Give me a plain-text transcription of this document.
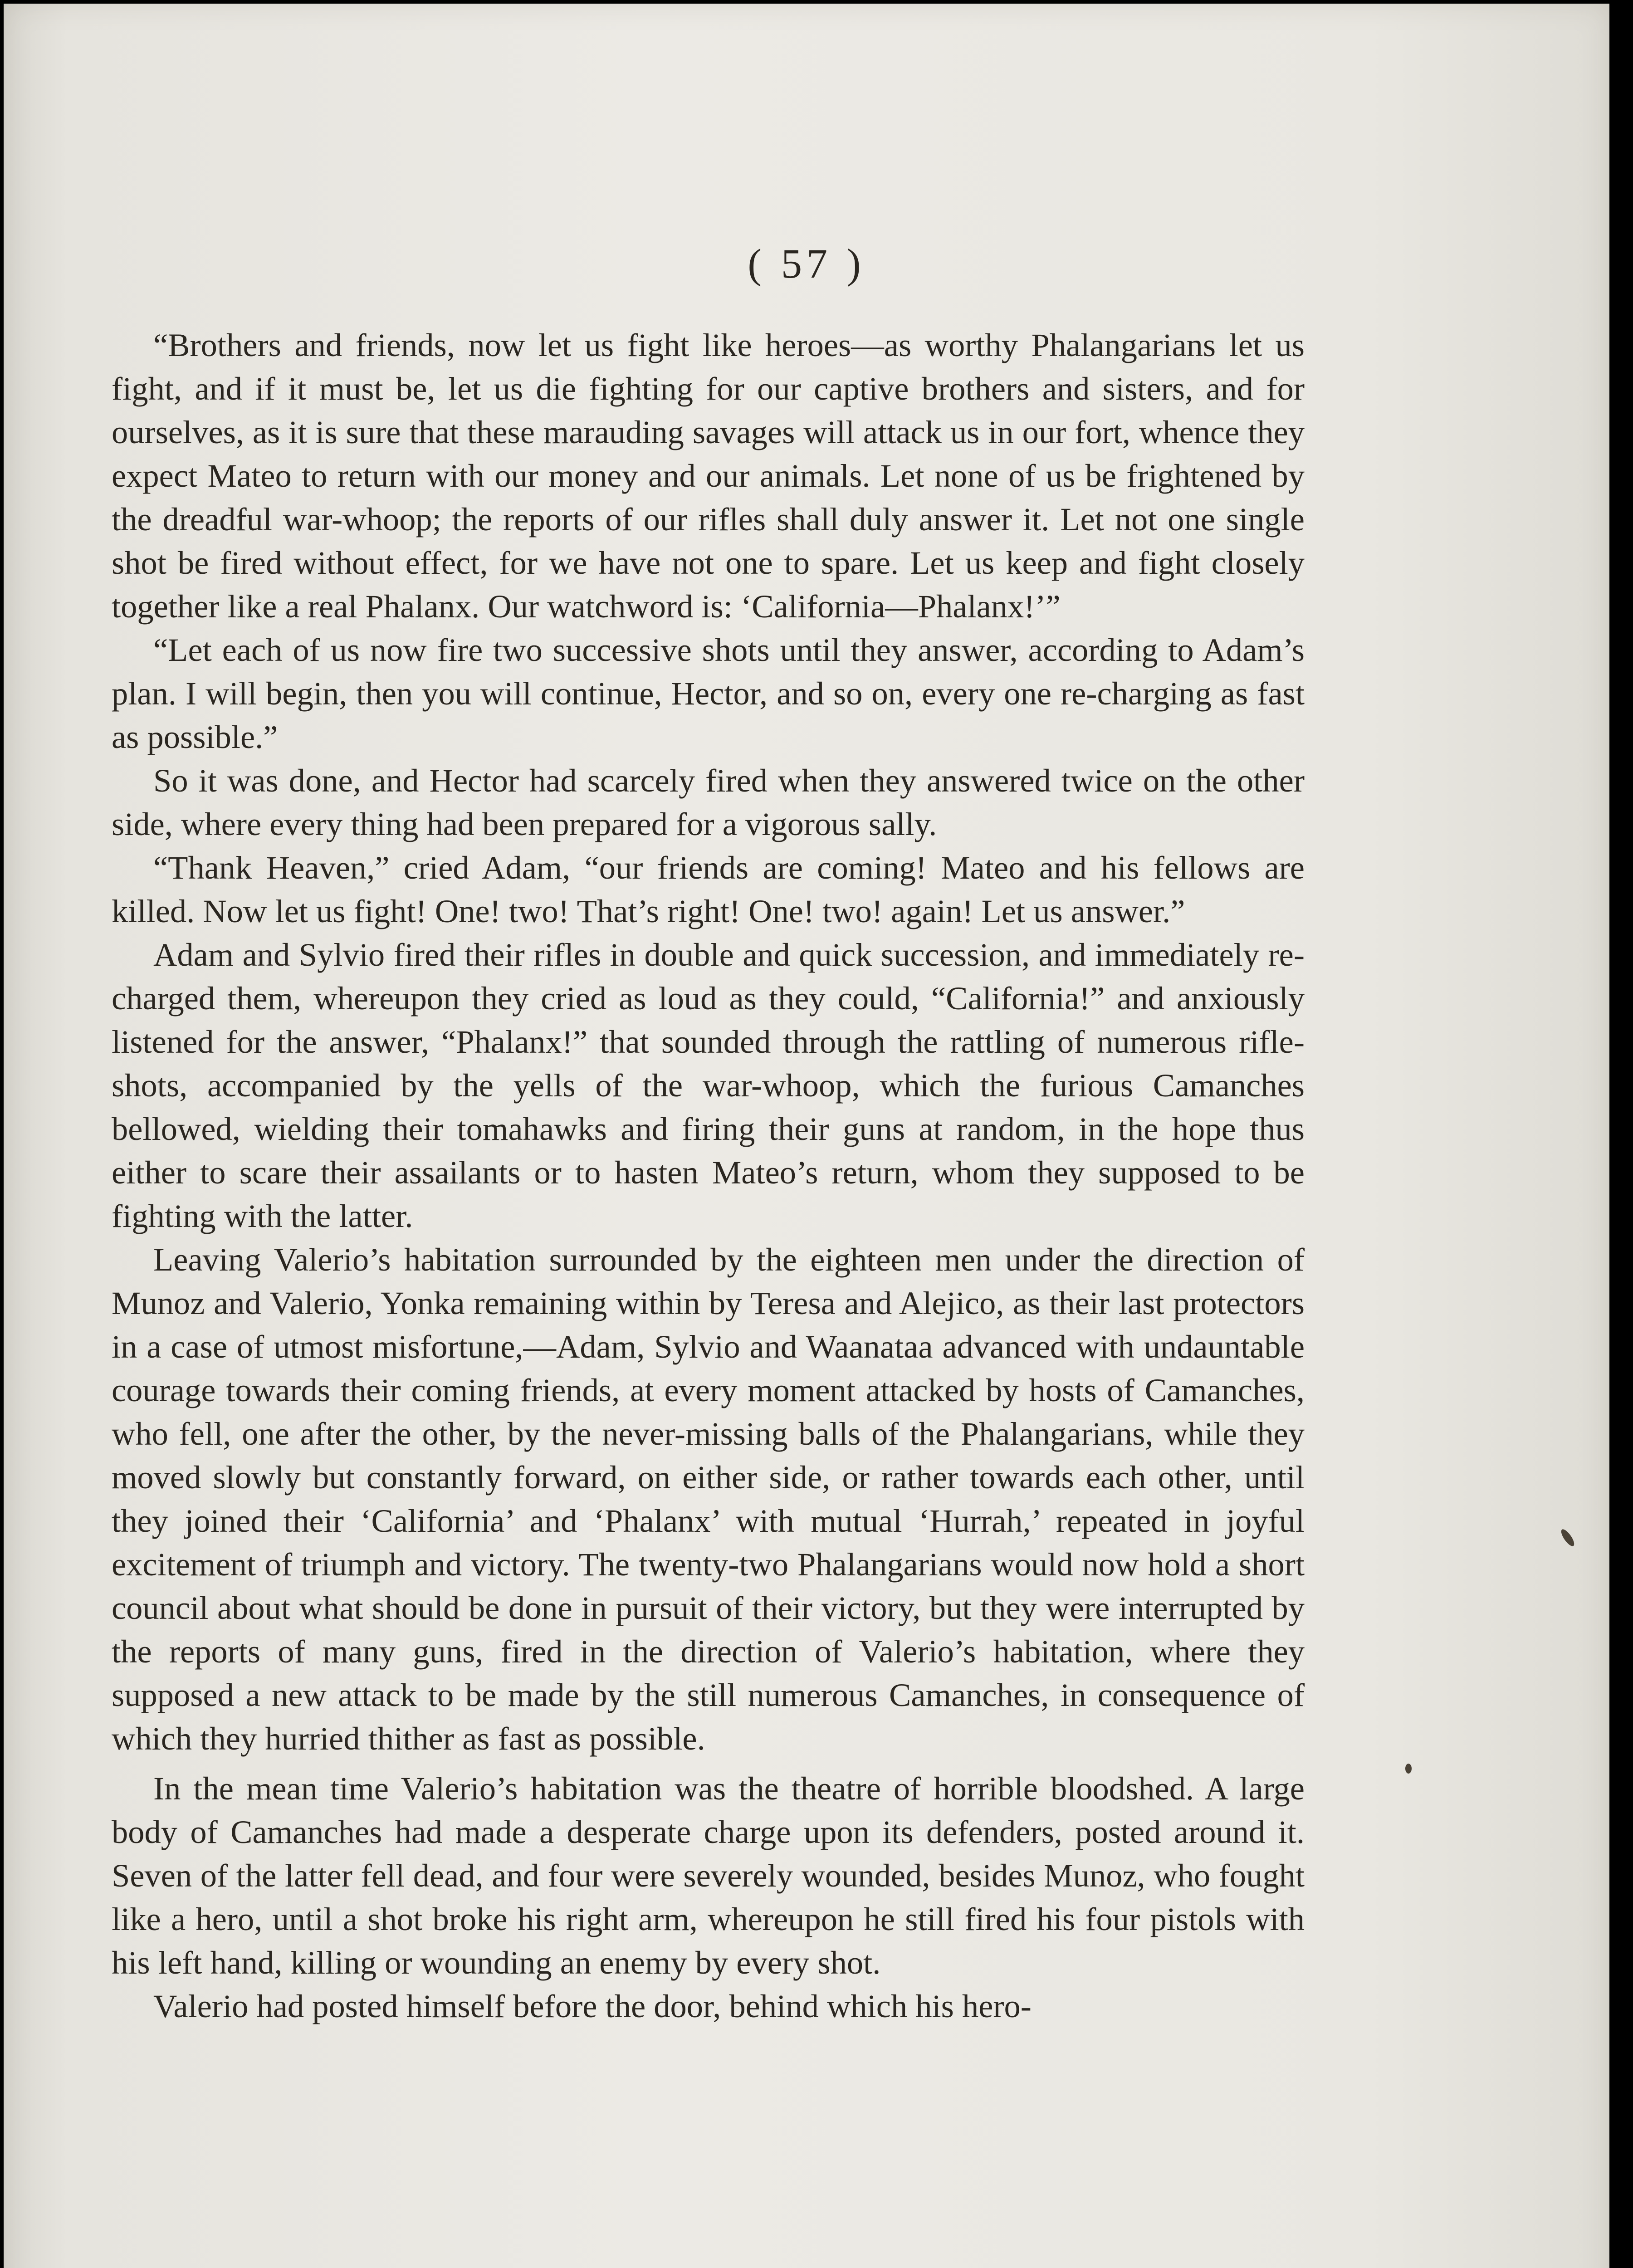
( 57 )

“Brothers and friends, now let us fight like heroes—as worthy Phalangarians let us fight, and if it must be, let us die fighting for our captive brothers and sisters, and for ourselves, as it is sure that these marauding savages will attack us in our fort, whence they expect Mateo to return with our money and our animals. Let none of us be frightened by the dreadful war-whoop; the reports of our rifles shall duly answer it. Let not one single shot be fired without effect, for we have not one to spare. Let us keep and fight closely together like a real Phalanx. Our watchword is: ‘California—Phalanx!’”

“Let each of us now fire two successive shots until they answer, according to Adam’s plan. I will begin, then you will continue, Hector, and so on, every one re-charging as fast as possible.”

So it was done, and Hector had scarcely fired when they answered twice on the other side, where every thing had been prepared for a vigorous sally.

“Thank Heaven,” cried Adam, “our friends are coming! Mateo and his fellows are killed. Now let us fight! One! two! That’s right! One! two! again! Let us answer.”

Adam and Sylvio fired their rifles in double and quick succession, and immediately re-charged them, whereupon they cried as loud as they could, “California!” and anxiously listened for the answer, “Phalanx!” that sounded through the rattling of numerous rifle-shots, accompanied by the yells of the war-whoop, which the furious Camanches bellowed, wielding their tomahawks and firing their guns at random, in the hope thus either to scare their assailants or to hasten Mateo’s return, whom they supposed to be fighting with the latter.

Leaving Valerio’s habitation surrounded by the eighteen men under the direction of Munoz and Valerio, Yonka remaining within by Teresa and Alejico, as their last protectors in a case of utmost misfortune,—Adam, Sylvio and Waanataa advanced with undauntable courage towards their coming friends, at every moment attacked by hosts of Camanches, who fell, one after the other, by the never-missing balls of the Phalangarians, while they moved slowly but constantly forward, on either side, or rather towards each other, until they joined their ‘California’ and ‘Phalanx’ with mutual ‘Hurrah,’ repeated in joyful excitement of triumph and victory. The twenty-two Phalangarians would now hold a short council about what should be done in pursuit of their victory, but they were interrupted by the reports of many guns, fired in the direction of Valerio’s habitation, where they supposed a new attack to be made by the still numerous Camanches, in consequence of which they hurried thither as fast as possible.

In the mean time Valerio’s habitation was the theatre of horrible bloodshed. A large body of Camanches had made a desperate charge upon its defenders, posted around it. Seven of the latter fell dead, and four were severely wounded, besides Munoz, who fought like a hero, until a shot broke his right arm, whereupon he still fired his four pistols with his left hand, killing or wounding an enemy by every shot.

Valerio had posted himself before the door, behind which his hero-
